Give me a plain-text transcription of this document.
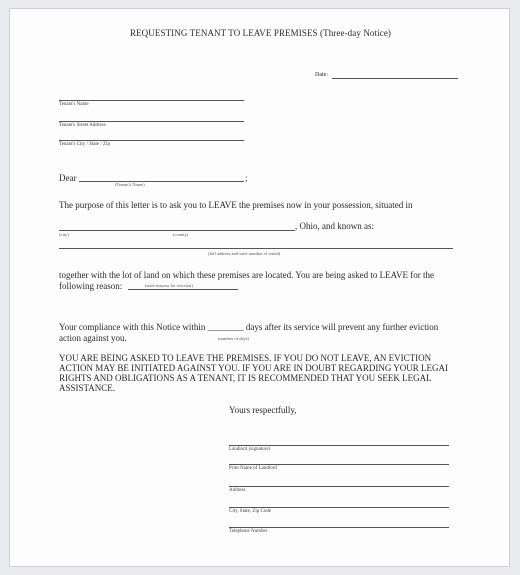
REQUESTING TENANT TO LEAVE PREMISES (Three-day Notice)
Date:
Tenant's Name
Tenant's Street Address
Tenant's City / State / Zip
Dear	;
(Tenant's Name)
The purpose of this letter is to ask you to LEAVE the premises now in your possession, situated in
, Ohio, and known as:
(city)	(county)
(full address and suite number of rental)
together with the lot of land on which these premises are located. You are being asked to LEAVE for the
following reason:	(state reasons for eviction)
Your compliance with this Notice within ________ days after its service will prevent any further eviction
action against you.	(number of days)
YOU ARE BEING ASKED TO LEAVE THE PREMISES. IF YOU DO NOT LEAVE, AN EVICTION
ACTION MAY BE INITIATED AGAINST YOU. IF YOU ARE IN DOUBT REGARDING YOUR LEGAI
RIGHTS AND OBLIGATIONS AS A TENANT, IT IS RECOMMENDED THAT YOU SEEK LEGAL
ASSISTANCE.
Yours respectfully,
Landlord (signature)
Print Name of Landlord
Address
City, State, Zip Code
Telephone Number
